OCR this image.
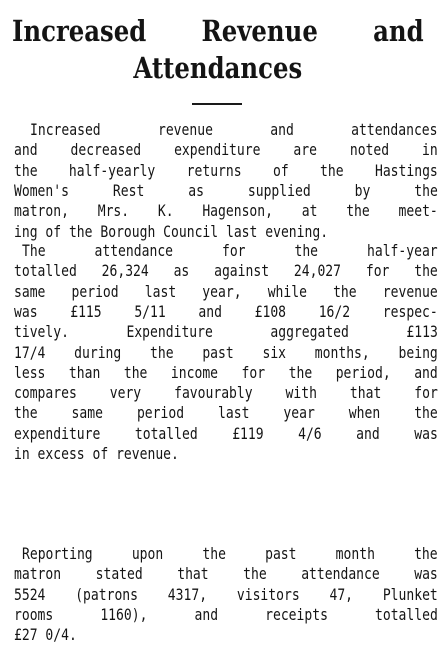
Increased Revenue and
Attendances
Increased	revenue	and	attendances
and decreased expenditure are noted in
the half-yearly returns of the Hastings
Women's	Rest	as	supplied	by	the
matron, Mrs. K. Hagenson, at the meet-
ing of the Borough Council last evening.
The	attendance	for	the	half-year
totalled 26,324 as against 24,027 for the
same period last year, while the revenue
was £115 5/11 and £108 16/2 respec-
tively.	Expenditure	aggregated	£113
17/4 during the past six months, being
less than the income for the period, and
compares very favourably with that for
the same period last year when the
expenditure totalled £119 4/6 and was
in excess of revenue.
Reporting upon the past month the
matron stated that the attendance was
5524 (patrons 4317, visitors 47, Plunket
rooms	1160),	and	receipts	totalled
£27 0/4.
